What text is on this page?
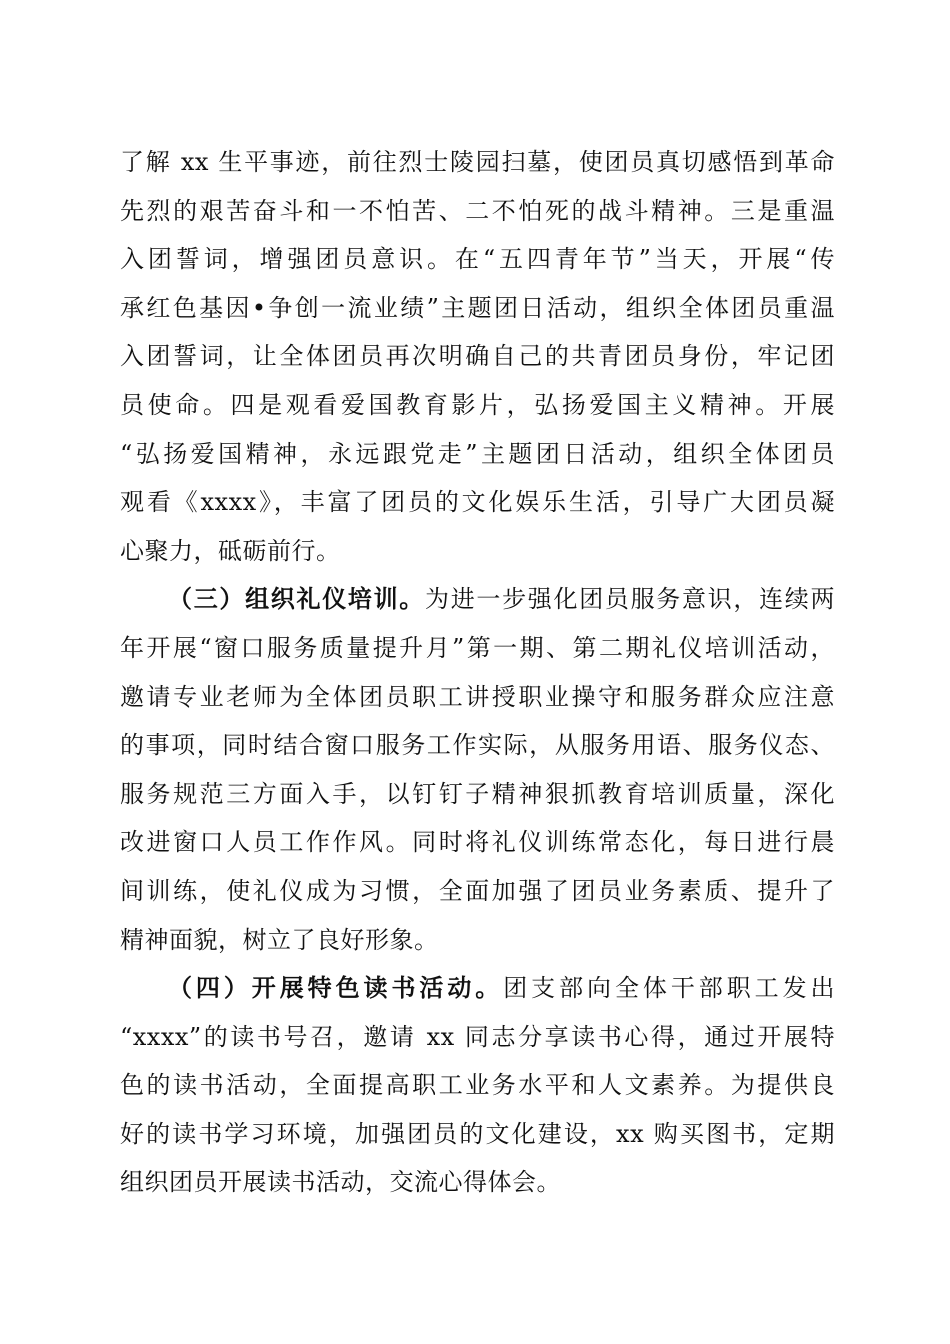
了解 xx 生平事迹，前往烈士陵园扫墓，使团员真切感悟到革命
先烈的艰苦奋斗和一不怕苦、二不怕死的战斗精神。三是重温
入团誓词，增强团员意识。在“五四青年节”当天，开展“传
承红色基因•争创一流业绩”主题团日活动，组织全体团员重温
入团誓词，让全体团员再次明确自己的共青团员身份，牢记团
员使命。四是观看爱国教育影片，弘扬爱国主义精神。开展
“弘扬爱国精神，永远跟党走”主题团日活动，组织全体团员
观看《xxxx》，丰富了团员的文化娱乐生活，引导广大团员凝
心聚力，砥砺前行。
（三）组织礼仪培训。为进一步强化团员服务意识，连续两
年开展“窗口服务质量提升月”第一期、第二期礼仪培训活动，
邀请专业老师为全体团员职工讲授职业操守和服务群众应注意
的事项，同时结合窗口服务工作实际，从服务用语、服务仪态、
服务规范三方面入手，以钉钉子精神狠抓教育培训质量，深化
改进窗口人员工作作风。同时将礼仪训练常态化，每日进行晨
间训练，使礼仪成为习惯，全面加强了团员业务素质、提升了
精神面貌，树立了良好形象。
（四）开展特色读书活动。团支部向全体干部职工发出
“xxxx”的读书号召，邀请 xx 同志分享读书心得，通过开展特
色的读书活动，全面提高职工业务水平和人文素养。为提供良
好的读书学习环境，加强团员的文化建设，xx 购买图书，定期
组织团员开展读书活动，交流心得体会。
